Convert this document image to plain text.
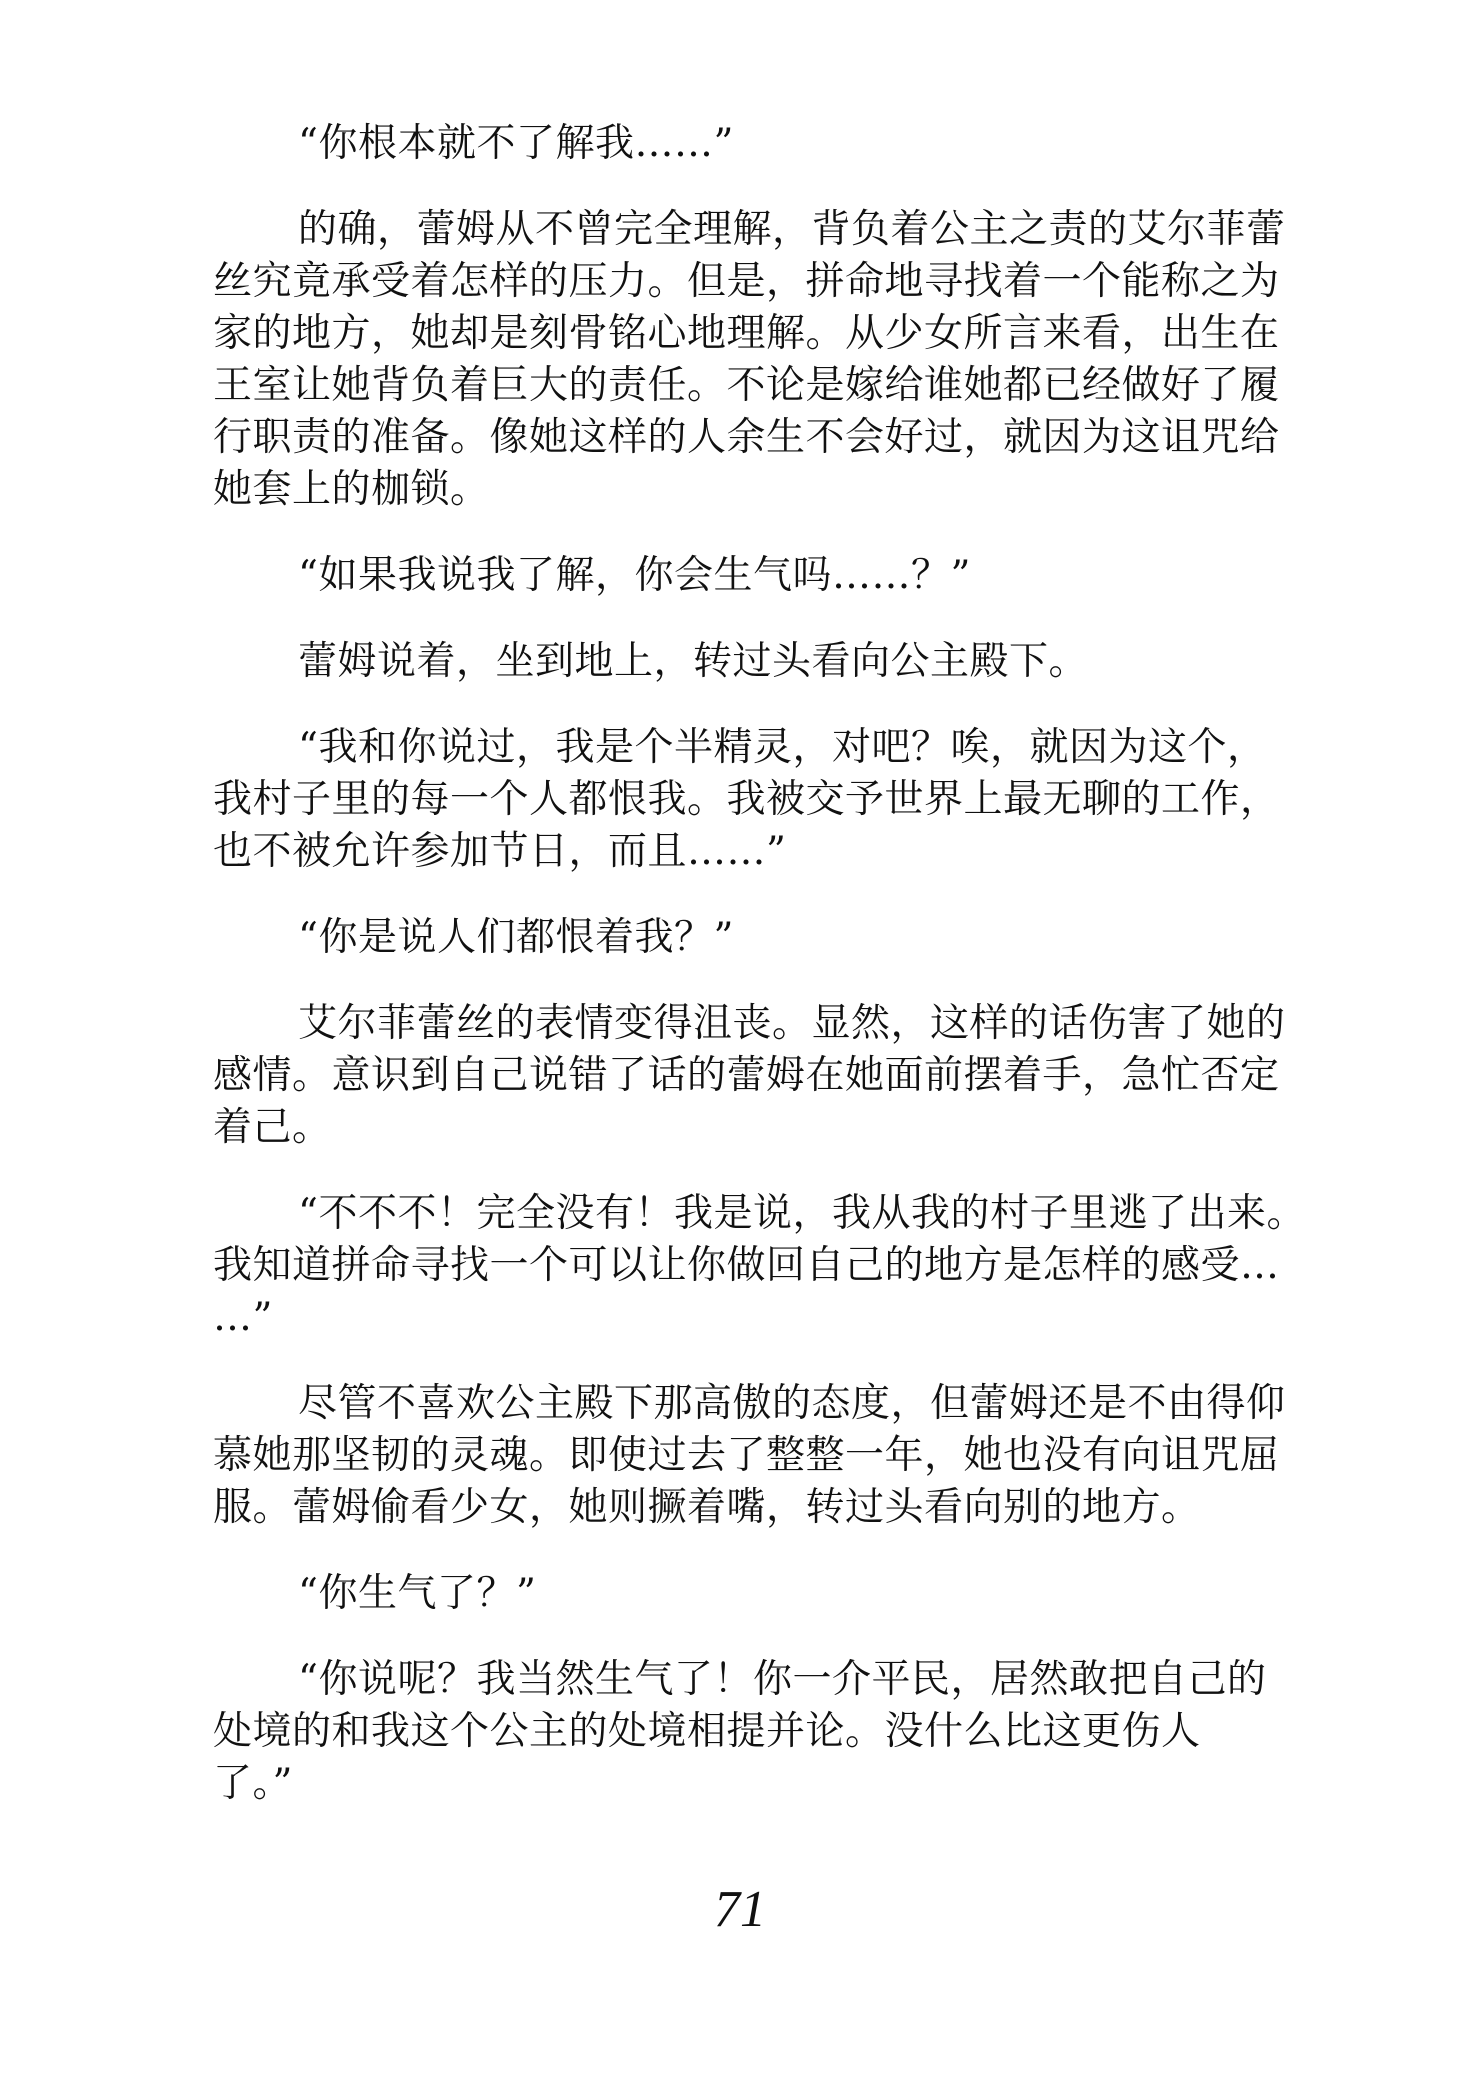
“你根本就不了解我……”
的确，蕾姆从不曾完全理解，背负着公主之责的艾尔菲蕾
丝究竟承受着怎样的压力。但是，拼命地寻找着一个能称之为
家的地方，她却是刻骨铭心地理解。从少女所言来看，出生在
王室让她背负着巨大的责任。不论是嫁给谁她都已经做好了履
行职责的准备。像她这样的人余生不会好过，就因为这诅咒给
她套上的枷锁。
“如果我说我了解，你会生气吗……？”
蕾姆说着，坐到地上，转过头看向公主殿下。
“我和你说过，我是个半精灵，对吧？唉，就因为这个，
我村子里的每一个人都恨我。我被交予世界上最无聊的工作，
也不被允许参加节日，而且……”
“你是说人们都恨着我？”
艾尔菲蕾丝的表情变得沮丧。显然，这样的话伤害了她的
感情。意识到自己说错了话的蕾姆在她面前摆着手，急忙否定
着己。
“不不不！完全没有！我是说，我从我的村子里逃了出来。
我知道拼命寻找一个可以让你做回自己的地方是怎样的感受…
…”
尽管不喜欢公主殿下那高傲的态度，但蕾姆还是不由得仰
慕她那坚韧的灵魂。即使过去了整整一年，她也没有向诅咒屈
服。蕾姆偷看少女，她则撅着嘴，转过头看向别的地方。
“你生气了？”
“你说呢？我当然生气了！你一介平民，居然敢把自己的
处境的和我这个公主的处境相提并论。没什么比这更伤人
了。”
71
